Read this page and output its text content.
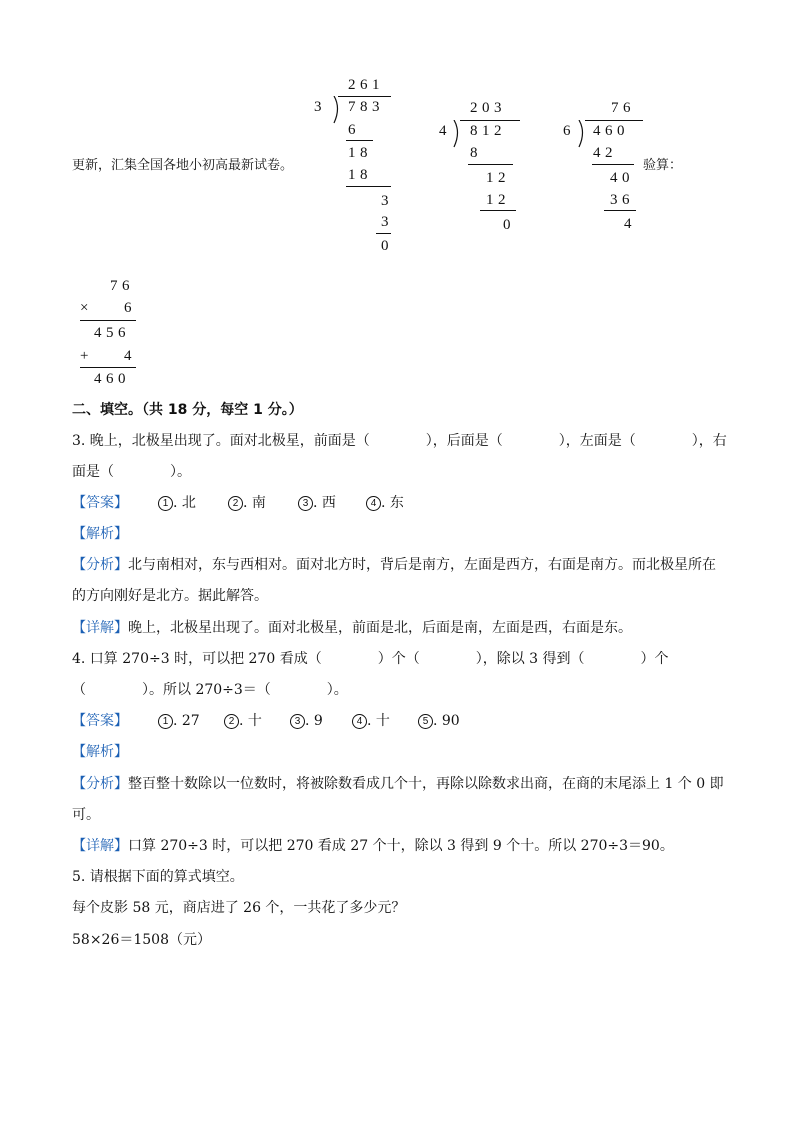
261
3 783
6
18
18
3
3
0
更新，汇集全国各地小初高最新试卷。
203
4 812
8
12
12
0
76
6 460
42
40
36
4
验算：
76
× 6
456
+ 4
460
二、填空。（共 18 分，每空 1 分。）
3. 晚上，北极星出现了。面对北极星，前面是（　　　　），后面是（　　　　），左面是（　　　　），右
面是（　　　　）。
【答案】	1 . 北	2 . 南	3 . 西	4 . 东
【解析】
【分析】北与南相对，东与西相对。面对北方时，背后是南方，左面是西方，右面是南方。而北极星所在
的方向刚好是北方。据此解答。
【详解】晚上，北极星出现了。面对北极星，前面是北，后面是南，左面是西，右面是东。
4. 口算 270÷3 时，可以把 270 看成（　　　　）个（　　　　），除以 3 得到（　　　　）个
（　　　　）。所以 270÷3＝（　　　　）。
【答案】	1 . 27	2 . 十	3 . 9	4 . 十	5 . 90
【解析】
【分析】整百整十数除以一位数时，将被除数看成几个十，再除以除数求出商，在商的末尾添上 1 个 0 即
可。
【详解】口算 270÷3 时，可以把 270 看成 27 个十，除以 3 得到 9 个十。所以 270÷3＝90。
5. 请根据下面的算式填空。
每个皮影 58 元，商店进了 26 个，一共花了多少元？
58×26＝1508（元）
